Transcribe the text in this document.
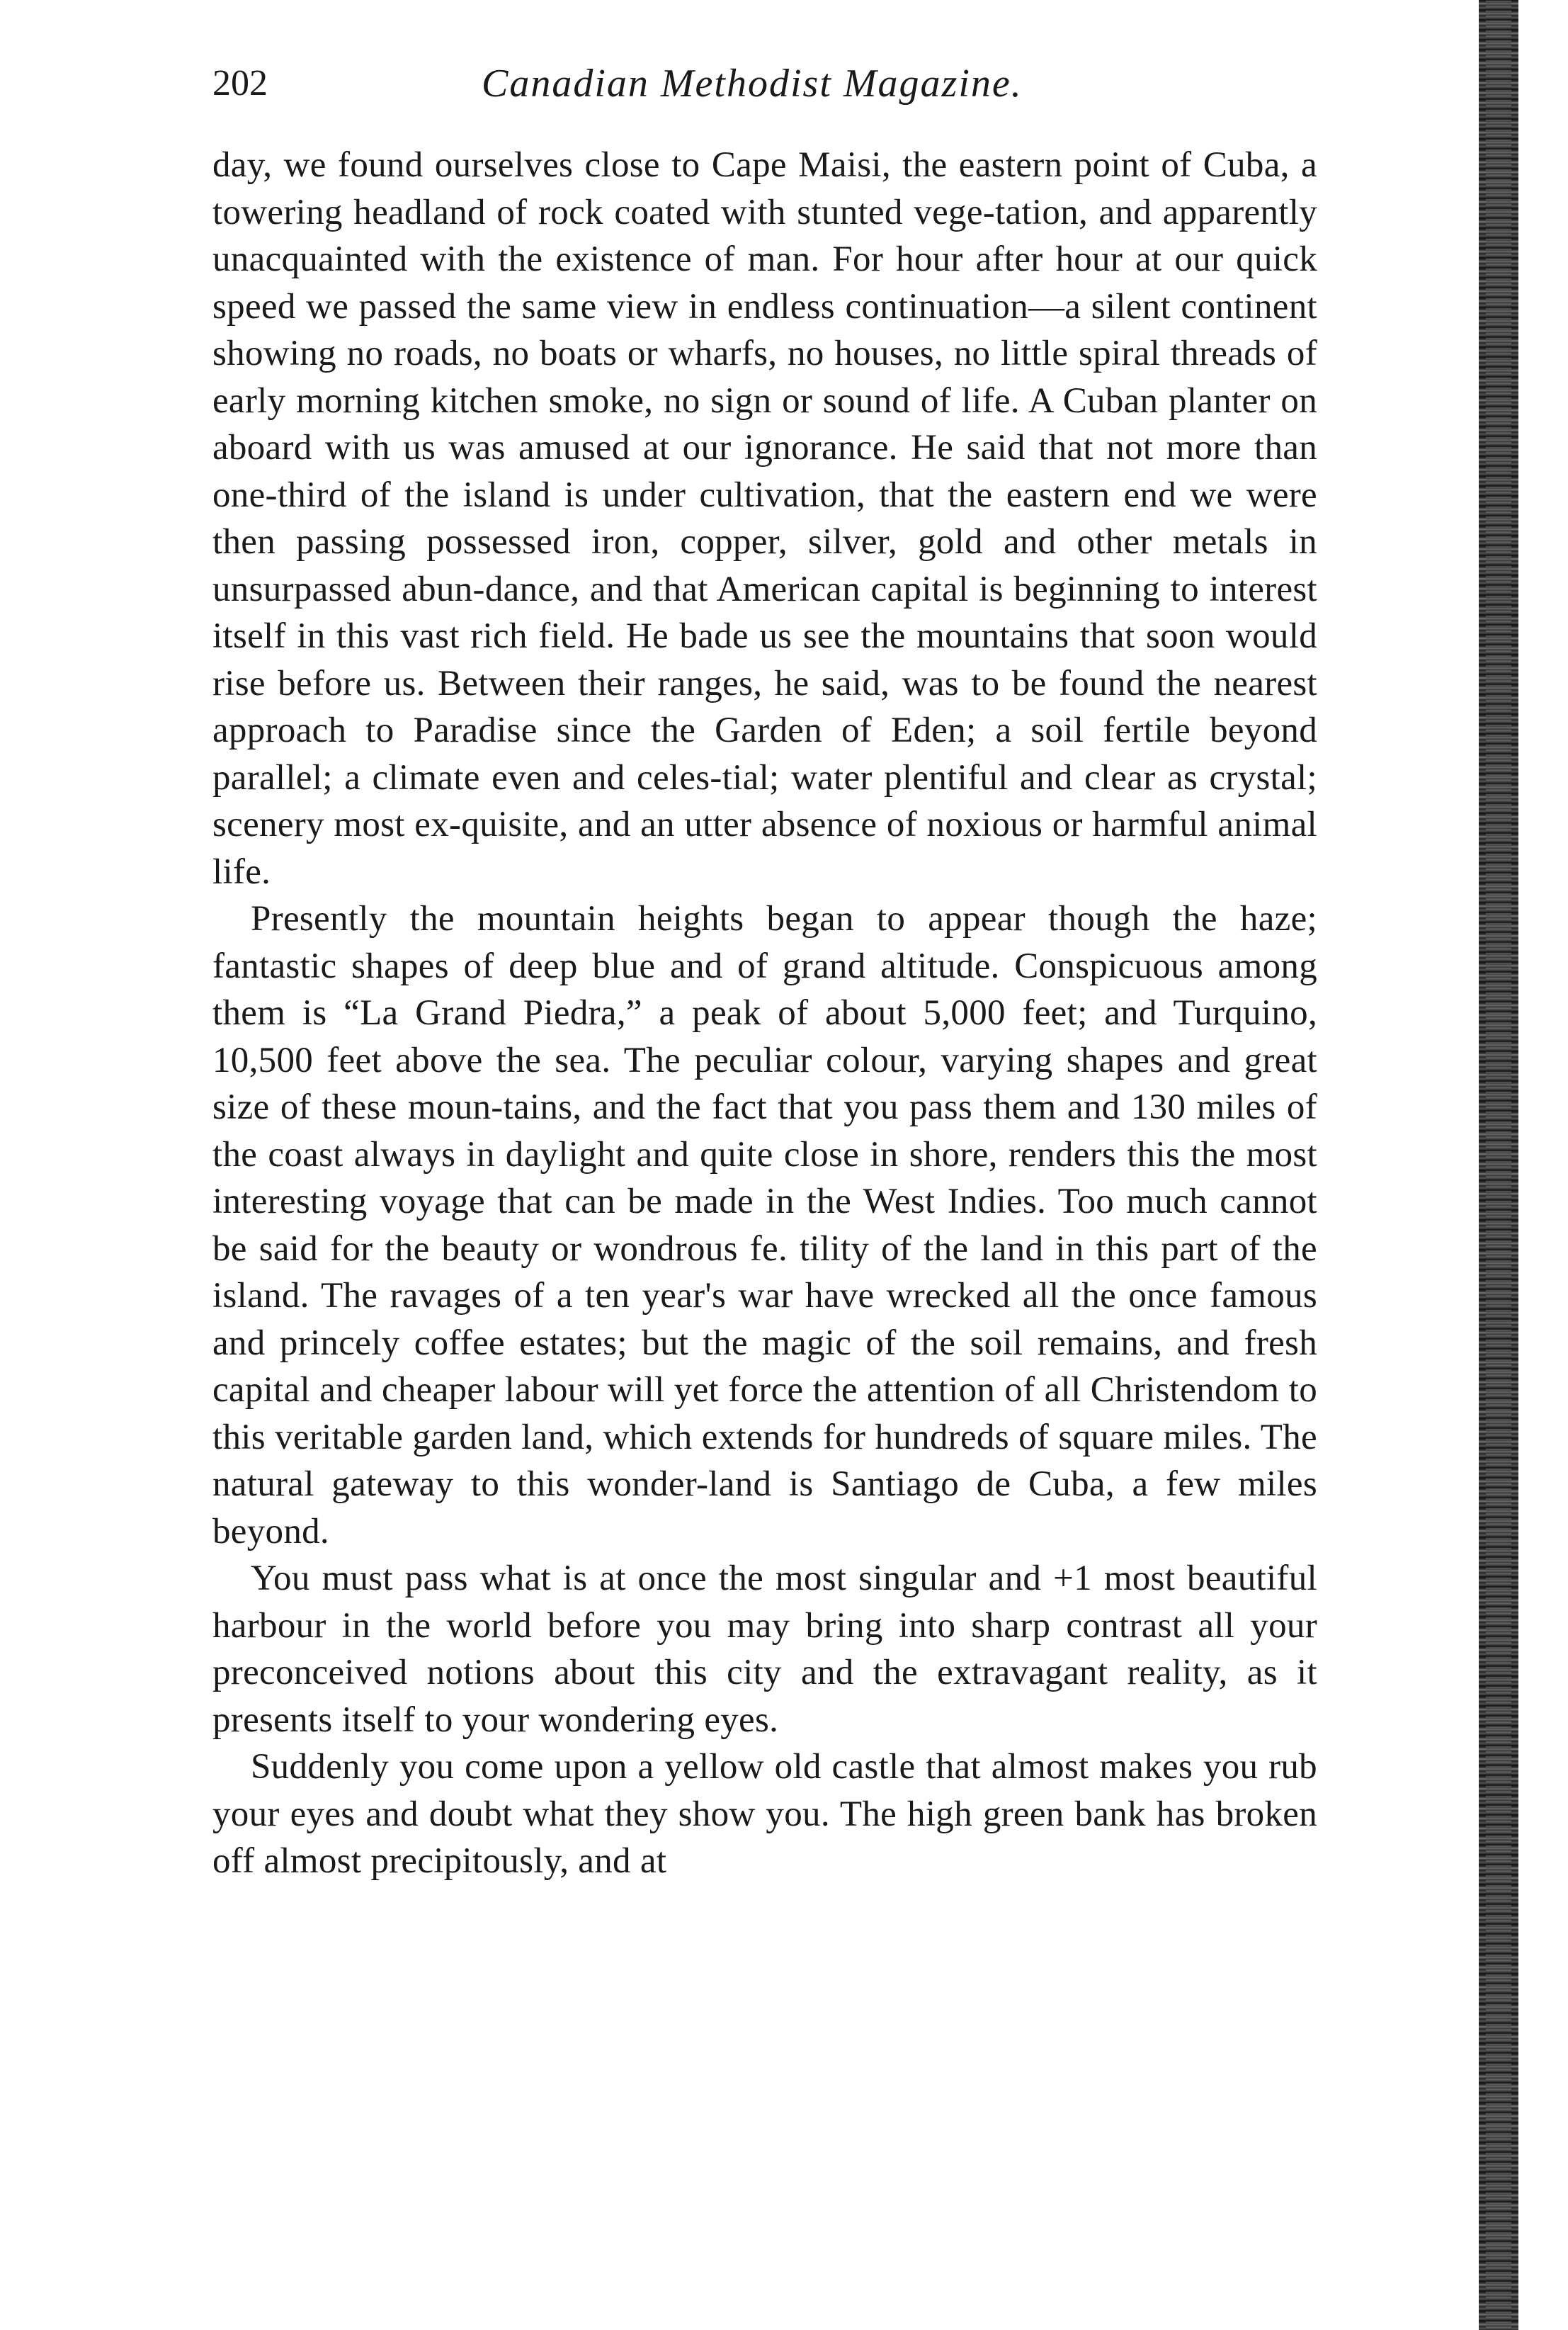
202	Canadian Methodist Magazine.

day, we found ourselves close to Cape Maisi, the eastern point of Cuba, a towering headland of rock coated with stunted vege-tation, and apparently unacquainted with the existence of man. For hour after hour at our quick speed we passed the same view in endless continuation—a silent continent showing no roads, no boats or wharfs, no houses, no little spiral threads of early morning kitchen smoke, no sign or sound of life. A Cuban planter on aboard with us was amused at our ignorance. He said that not more than one-third of the island is under cultivation, that the eastern end we were then passing possessed iron, copper, silver, gold and other metals in unsurpassed abun-dance, and that American capital is beginning to interest itself in this vast rich field. He bade us see the mountains that soon would rise before us. Between their ranges, he said, was to be found the nearest approach to Paradise since the Garden of Eden; a soil fertile beyond parallel; a climate even and celes-tial; water plentiful and clear as crystal; scenery most ex-quisite, and an utter absence of noxious or harmful animal life.

Presently the mountain heights began to appear though the haze; fantastic shapes of deep blue and of grand altitude. Conspicuous among them is “La Grand Piedra,” a peak of about 5,000 feet; and Turquino, 10,500 feet above the sea. The peculiar colour, varying shapes and great size of these moun-tains, and the fact that you pass them and 130 miles of the coast always in daylight and quite close in shore, renders this the most interesting voyage that can be made in the West Indies. Too much cannot be said for the beauty or wondrous fe. tility of the land in this part of the island. The ravages of a ten year's war have wrecked all the once famous and princely coffee estates; but the magic of the soil remains, and fresh capital and cheaper labour will yet force the attention of all Christendom to this veritable garden land, which extends for hundreds of square miles. The natural gateway to this wonder-land is Santiago de Cuba, a few miles beyond.

You must pass what is at once the most singular and +1 most beautiful harbour in the world before you may bring into sharp contrast all your preconceived notions about this city and the extravagant reality, as it presents itself to your wondering eyes.

Suddenly you come upon a yellow old castle that almost makes you rub your eyes and doubt what they show you. The high green bank has broken off almost precipitously, and at
